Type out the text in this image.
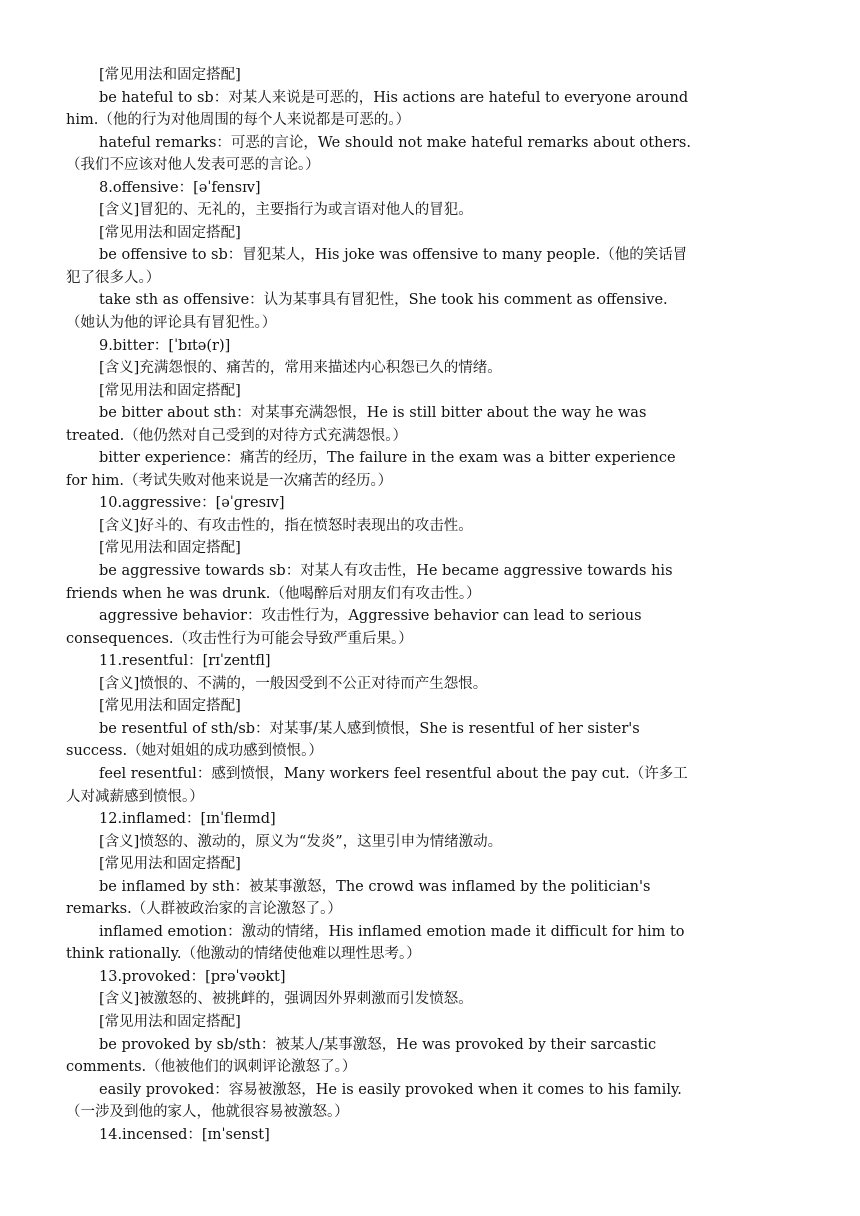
[常见用法和固定搭配]
be hateful to sb：对某人来说是可恶的，His actions are hateful to everyone around
him.（他的行为对他周围的每个人来说都是可恶的。）
hateful remarks：可恶的言论，We should not make hateful remarks about others.
（我们不应该对他人发表可恶的言论。）
8.offensive：[əˈfensɪv]
[含义]冒犯的、无礼的，主要指行为或言语对他人的冒犯。
[常见用法和固定搭配]
be offensive to sb：冒犯某人，His joke was offensive to many people.（他的笑话冒
犯了很多人。）
take sth as offensive：认为某事具有冒犯性，She took his comment as offensive.
（她认为他的评论具有冒犯性。）
9.bitter：[ˈbɪtə(r)]
[含义]充满怨恨的、痛苦的，常用来描述内心积怨已久的情绪。
[常见用法和固定搭配]
be bitter about sth：对某事充满怨恨，He is still bitter about the way he was
treated.（他仍然对自己受到的对待方式充满怨恨。）
bitter experience：痛苦的经历，The failure in the exam was a bitter experience
for him.（考试失败对他来说是一次痛苦的经历。）
10.aggressive：[əˈɡresɪv]
[含义]好斗的、有攻击性的，指在愤怒时表现出的攻击性。
[常见用法和固定搭配]
be aggressive towards sb：对某人有攻击性，He became aggressive towards his
friends when he was drunk.（他喝醉后对朋友们有攻击性。）
aggressive behavior：攻击性行为，Aggressive behavior can lead to serious
consequences.（攻击性行为可能会导致严重后果。）
11.resentful：[rɪˈzentfl]
[含义]愤恨的、不满的，一般因受到不公正对待而产生怨恨。
[常见用法和固定搭配]
be resentful of sth/sb：对某事/某人感到愤恨，She is resentful of her sister's
success.（她对姐姐的成功感到愤恨。）
feel resentful：感到愤恨，Many workers feel resentful about the pay cut.（许多工
人对减薪感到愤恨。）
12.inflamed：[ɪnˈfleɪmd]
[含义]愤怒的、激动的，原义为“发炎”，这里引申为情绪激动。
[常见用法和固定搭配]
be inflamed by sth：被某事激怒，The crowd was inflamed by the politician's
remarks.（人群被政治家的言论激怒了。）
inflamed emotion：激动的情绪，His inflamed emotion made it difficult for him to
think rationally.（他激动的情绪使他难以理性思考。）
13.provoked：[prəˈvəʊkt]
[含义]被激怒的、被挑衅的，强调因外界刺激而引发愤怒。
[常见用法和固定搭配]
be provoked by sb/sth：被某人/某事激怒，He was provoked by their sarcastic
comments.（他被他们的讽刺评论激怒了。）
easily provoked：容易被激怒，He is easily provoked when it comes to his family.
（一涉及到他的家人，他就很容易被激怒。）
14.incensed：[ɪnˈsenst]
